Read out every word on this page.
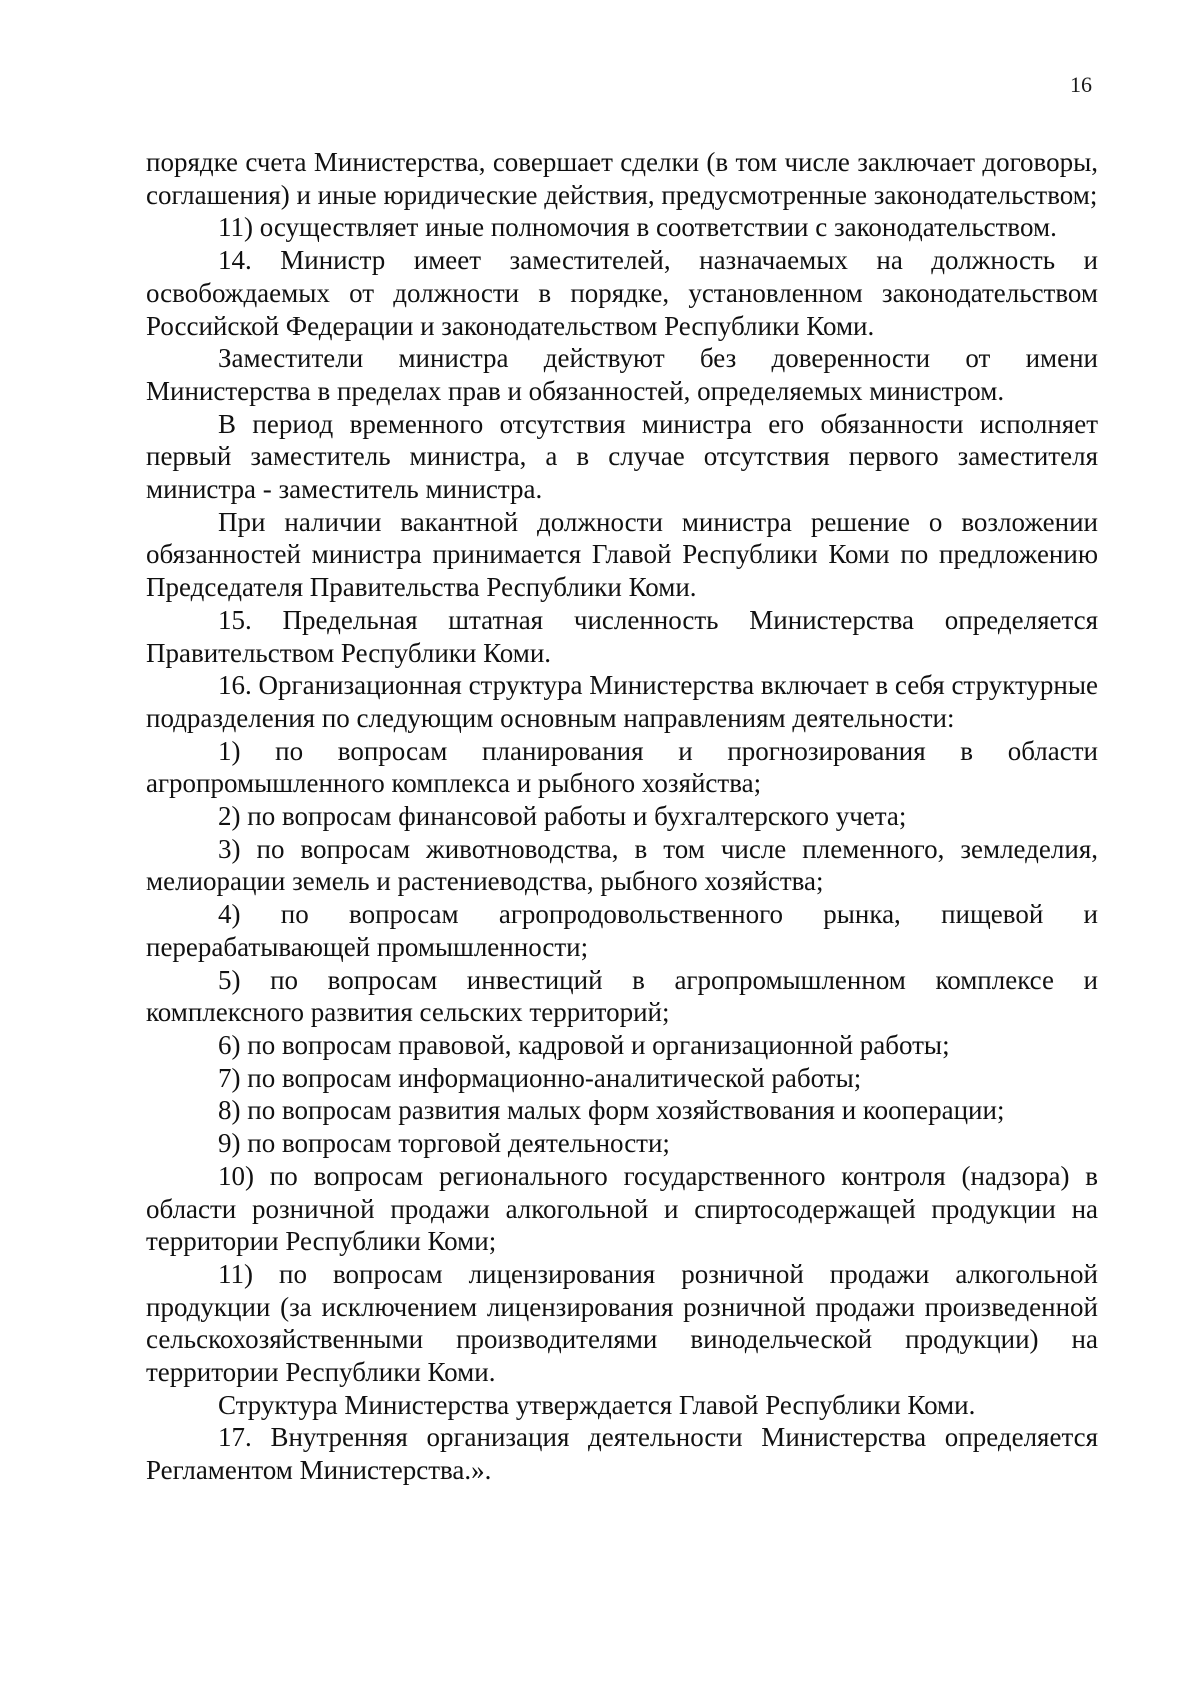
16

порядке счета Министерства, совершает сделки (в том числе заключает договоры, соглашения) и иные юридические действия, предусмотренные законодательством;

11) осуществляет иные полномочия в соответствии с законодательством.

14. Министр имеет заместителей, назначаемых на должность и освобождаемых от должности в порядке, установленном законодательством Российской Федерации и законодательством Республики Коми.

Заместители министра действуют без доверенности от имени Министерства в пределах прав и обязанностей, определяемых министром.

В период временного отсутствия министра его обязанности исполняет первый заместитель министра, а в случае отсутствия первого заместителя министра - заместитель министра.

При наличии вакантной должности министра решение о возложении обязанностей министра принимается Главой Республики Коми по предложению Председателя Правительства Республики Коми.

15. Предельная штатная численность Министерства определяется Правительством Республики Коми.

16. Организационная структура Министерства включает в себя структурные подразделения по следующим основным направлениям деятельности:

1) по вопросам планирования и прогнозирования в области агропромышленного комплекса и рыбного хозяйства;

2) по вопросам финансовой работы и бухгалтерского учета;

3) по вопросам животноводства, в том числе племенного, земледелия, мелиорации земель и растениеводства, рыбного хозяйства;

4) по вопросам агропродовольственного рынка, пищевой и перерабатывающей промышленности;

5) по вопросам инвестиций в агропромышленном комплексе и комплексного развития сельских территорий;

6) по вопросам правовой, кадровой и организационной работы;

7) по вопросам информационно-аналитической работы;

8) по вопросам развития малых форм хозяйствования и кооперации;

9) по вопросам торговой деятельности;

10) по вопросам регионального государственного контроля (надзора) в области розничной продажи алкогольной и спиртосодержащей продукции на территории Республики Коми;

11) по вопросам лицензирования розничной продажи алкогольной продукции (за исключением лицензирования розничной продажи произведенной сельскохозяйственными производителями винодельческой продукции) на территории Республики Коми.

Структура Министерства утверждается Главой Республики Коми.

17. Внутренняя организация деятельности Министерства определяется Регламентом Министерства.».
